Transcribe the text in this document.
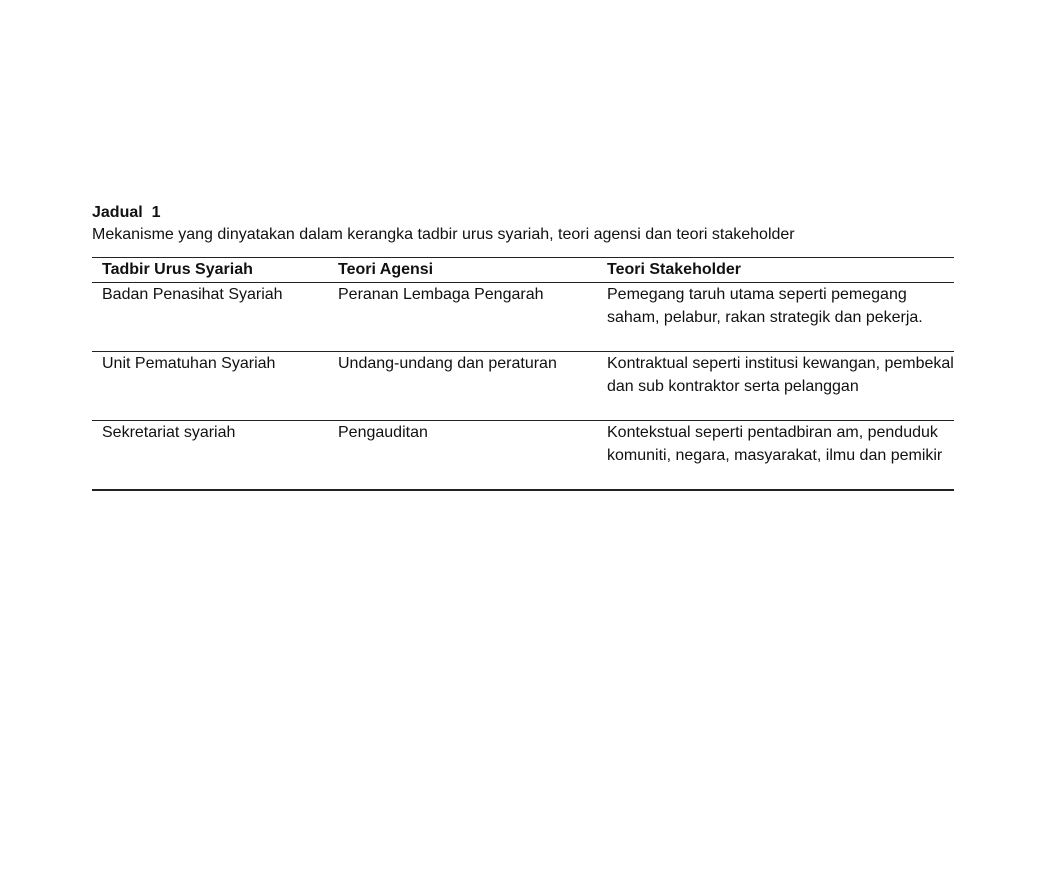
Jadual  1

Mekanisme yang dinyatakan dalam kerangka tadbir urus syariah, teori agensi dan teori stakeholder

Tadbir Urus Syariah	Teori Agensi	Teori Stakeholder
Badan Penasihat Syariah	Peranan Lembaga Pengarah	Pemegang taruh utama seperti pemegang saham, pelabur, rakan strategik dan pekerja.
Unit Pematuhan Syariah	Undang-undang dan peraturan	Kontraktual seperti institusi kewangan, pembekal dan sub kontraktor serta pelanggan
Sekretariat syariah	Pengauditan	Kontekstual seperti pentadbiran am, penduduk komuniti, negara, masyarakat, ilmu dan pemikir
